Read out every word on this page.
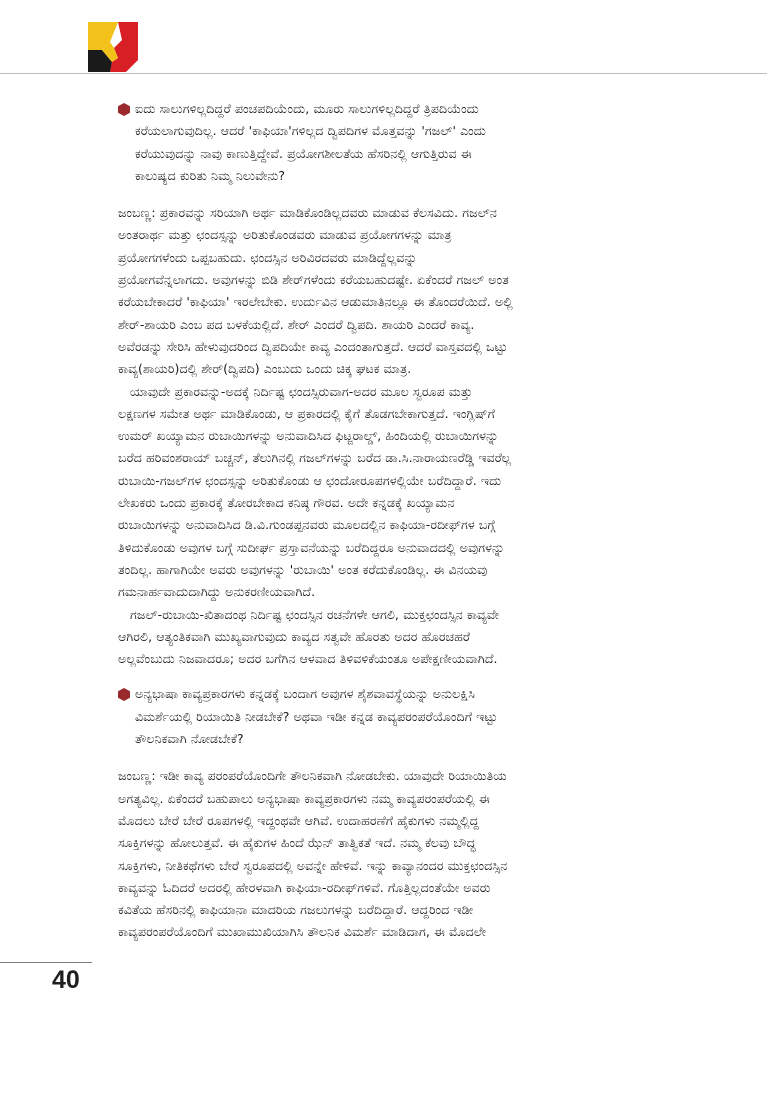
ಐದು ಸಾಲುಗಳಿಲ್ಲದಿದ್ದರೆ ಪಂಚಪದಿಯೆಂದು, ಮೂರು ಸಾಲುಗಳಿಲ್ಲದಿದ್ದರೆ ತ್ರಿಪದಿಯೆಂದು
ಕರೆಯಲಾಗುವುದಿಲ್ಲ. ಆದರೆ 'ಕಾಫಿಯಾ'ಗಳಿಲ್ಲದ ದ್ವಿಪದಿಗಳ ಮೊತ್ತವನ್ನು 'ಗಜಲ್' ಎಂದು
ಕರೆಯುವುದನ್ನು ನಾವು ಕಾಣುತ್ತಿದ್ದೇವೆ. ಪ್ರಯೋಗಶೀಲತೆಯ ಹೆಸರಿನಲ್ಲಿ ಆಗುತ್ತಿರುವ ಈ
ಕಾಲುಷ್ಯದ ಕುರಿತು ನಿಮ್ಮ ನಿಲುವೇನು?
ಜಂಬಣ್ಣ: ಪ್ರಕಾರವನ್ನು ಸರಿಯಾಗಿ ಅರ್ಥ ಮಾಡಿಕೊಂಡಿಲ್ಲದವರು ಮಾಡುವ ಕೆಲಸವಿದು. ಗಜಲ್‌ನ
ಅಂತರಾರ್ಥ ಮತ್ತು ಛಂದಸ್ಸನ್ನು ಅರಿತುಕೊಂಡವರು ಮಾಡುವ ಪ್ರಯೋಗಗಳನ್ನು ಮಾತ್ರ
ಪ್ರಯೋಗಗಳೆಂದು ಒಪ್ಪಬಹುದು. ಛಂದಸ್ಸಿನ ಅರಿವಿರದವರು ಮಾಡಿದ್ದೆಲ್ಲವನ್ನು
ಪ್ರಯೋಗವೆನ್ನಲಾಗದು. ಅವುಗಳನ್ನು ಬಿಡಿ ಶೇರ್‌ಗಳೆಂದು ಕರೆಯಬಹುದಷ್ಟೇ. ಏಕೆಂದರೆ ಗಜಲ್ ಅಂತ
ಕರೆಯಬೇಕಾದರೆ 'ಕಾಫಿಯಾ' ಇರಲೇಬೇಕು. ಉರ್ದುವಿನ ಆಡುಮಾತಿನಲ್ಲೂ ಈ ತೊಂದರೆಯಿದೆ. ಅಲ್ಲಿ
ಶೇರ್-ಶಾಯರಿ ಎಂಬ ಪದ ಬಳಕೆಯಲ್ಲಿದೆ. ಶೇರ್ ಎಂದರೆ ದ್ವಿಪದಿ. ಶಾಯರಿ ಎಂದರೆ ಕಾವ್ಯ.
ಅವೆರಡನ್ನು ಸೇರಿಸಿ ಹೇಳುವುದರಿಂದ ದ್ವಿಪದಿಯೇ ಕಾವ್ಯ ಎಂದಂತಾಗುತ್ತದೆ. ಆದರೆ ವಾಸ್ತವದಲ್ಲಿ ಒಟ್ಟು
ಕಾವ್ಯ(ಶಾಯರಿ)ದಲ್ಲಿ ಶೇರ್(ದ್ವಿಪದಿ) ಎಂಬುದು ಒಂದು ಚಿಕ್ಕ ಘಟಕ ಮಾತ್ರ.
ಯಾವುದೇ ಪ್ರಕಾರವನ್ನು-ಅದಕ್ಕೆ ನಿರ್ದಿಷ್ಟ ಛಂದಸ್ಸಿರುವಾಗ-ಅದರ ಮೂಲ ಸ್ವರೂಪ ಮತ್ತು
ಲಕ್ಷಣಗಳ ಸಮೇತ ಅರ್ಥ ಮಾಡಿಕೊಂಡು, ಆ ಪ್ರಕಾರದಲ್ಲಿ ಕೈಗೆ ತೊಡಗಬೇಕಾಗುತ್ತದೆ. ಇಂಗ್ಲಿಷ್‌ಗೆ
ಉಮರ್ ಖಯ್ಯಾಮನ ರುಬಾಯಿಗಳನ್ನು ಅನುವಾದಿಸಿದ ಫಿಟ್ಜರಾಲ್ಡ್, ಹಿಂದಿಯಲ್ಲಿ ರುಬಾಯಿಗಳನ್ನು
ಬರೆದ ಹರಿವಂಶರಾಯ್ ಬಚ್ಚನ್, ತೆಲುಗಿನಲ್ಲಿ ಗಜಲ್‌ಗಳನ್ನು ಬರೆದ ಡಾ.ಸಿ.ನಾರಾಯಣರೆಡ್ಡಿ ಇವರೆಲ್ಲ
ರುಬಾಯಿ-ಗಜಲ್‌ಗಳ ಛಂದಸ್ಸನ್ನು ಅರಿತುಕೊಂಡು ಆ ಛಂದೋರೂಪಗಳಲ್ಲಿಯೇ ಬರೆದಿದ್ದಾರೆ. ಇದು
ಲೇಖಕರು ಒಂದು ಪ್ರಕಾರಕ್ಕೆ ತೋರಬೇಕಾದ ಕನಿಷ್ಠ ಗೌರವ. ಅದೇ ಕನ್ನಡಕ್ಕೆ ಖಯ್ಯಾಮನ
ರುಬಾಯಿಗಳನ್ನು ಅನುವಾದಿಸಿದ ಡಿ.ವಿ.ಗುಂಡಪ್ಪನವರು ಮೂಲದಲ್ಲಿನ ಕಾಫಿಯಾ-ರದೀಫ್‌ಗಳ ಬಗ್ಗೆ
ತಿಳಿದುಕೊಂಡು ಅವುಗಳ ಬಗ್ಗೆ ಸುದೀರ್ಘ ಪ್ರಸ್ತಾವನೆಯನ್ನು ಬರೆದಿದ್ದರೂ ಅನುವಾದದಲ್ಲಿ ಅವುಗಳನ್ನು
ತಂದಿಲ್ಲ. ಹಾಗಾಗಿಯೇ ಅವರು ಅವುಗಳನ್ನು 'ರುಬಾಯಿ' ಅಂತ ಕರೆದುಕೊಂಡಿಲ್ಲ. ಈ ವಿನಯವು
ಗಮನಾರ್ಹವಾದುದಾಗಿದ್ದು ಅನುಕರಣೀಯವಾಗಿದೆ.
ಗಜಲ್-ರುಬಾಯಿ-ಖಿತಾದಂಥ ನಿರ್ದಿಷ್ಟ ಛಂದಸ್ಸಿನ ರಚನೆಗಳೇ ಆಗಲಿ, ಮುಕ್ತಛಂದಸ್ಸಿನ ಕಾವ್ಯವೇ
ಆಗಿರಲಿ, ಆತ್ಯಂತಿಕವಾಗಿ ಮುಖ್ಯವಾಗುವುದು ಕಾವ್ಯದ ಸತ್ವವೇ ಹೊರತು ಅದರ ಹೊರಚಹರೆ
ಅಲ್ಲವೆಂಬುದು ನಿಜವಾದರೂ; ಅದರ ಬಗೆಗಿನ ಆಳವಾದ ತಿಳಿವಳಿಕೆಯಂತೂ ಅಪೇಕ್ಷಣೀಯವಾಗಿದೆ.
ಅನ್ಯಭಾಷಾ ಕಾವ್ಯಪ್ರಕಾರಗಳು ಕನ್ನಡಕ್ಕೆ ಬಂದಾಗ ಅವುಗಳ ಶೈಶವಾವಸ್ಥೆಯನ್ನು ಅನುಲಕ್ಷಿಸಿ
ವಿಮರ್ಶೆಯಲ್ಲಿ ರಿಯಾಯಿತಿ ನೀಡಬೇಕೆ? ಅಥವಾ ಇಡೀ ಕನ್ನಡ ಕಾವ್ಯಪರಂಪರೆಯೊಂದಿಗೆ ಇಟ್ಟು
ತೌಲನಿಕವಾಗಿ ನೋಡಬೇಕೆ?
ಜಂಬಣ್ಣ: ಇಡೀ ಕಾವ್ಯ ಪರಂಪರೆಯೊಂದಿಗೇ ತೌಲನಿಕವಾಗಿ ನೋಡಬೇಕು. ಯಾವುದೇ ರಿಯಾಯಿತಿಯ
ಅಗತ್ಯವಿಲ್ಲ. ಏಕೆಂದರೆ ಬಹುಪಾಲು ಅನ್ಯಭಾಷಾ ಕಾವ್ಯಪ್ರಕಾರಗಳು ನಮ್ಮ ಕಾವ್ಯಪರಂಪರೆಯಲ್ಲಿ ಈ
ಮೊದಲು ಬೇರೆ ಬೇರೆ ರೂಪಗಳಲ್ಲಿ ಇದ್ದಂಥವೇ ಆಗಿವೆ. ಉದಾಹರಣೆಗೆ ಹೈಕುಗಳು ನಮ್ಮಲ್ಲಿದ್ದ
ಸೂಕ್ತಿಗಳನ್ನು ಹೋಲುತ್ತವೆ. ಈ ಹೈಕುಗಳ ಹಿಂದೆ ಝೆನ್ ತಾತ್ವಿಕತೆ ಇದೆ. ನಮ್ಮ ಕೆಲವು ಬೌದ್ಧ
ಸೂಕ್ತಿಗಳು, ನೀತಿಕಥೆಗಳು ಬೇರೆ ಸ್ವರೂಪದಲ್ಲಿ ಅವನ್ನೇ ಹೇಳಿವೆ. ಇನ್ನು ಕಾವ್ಯಾನಂದರ ಮುಕ್ತಛಂದಸ್ಸಿನ
ಕಾವ್ಯವನ್ನು ಓದಿದರೆ ಅದರಲ್ಲಿ ಹೇರಳವಾಗಿ ಕಾಫಿಯಾ-ರದೀಫ್‌ಗಳಿವೆ. ಗೊತ್ತಿಲ್ಲದಂತೆಯೇ ಅವರು
ಕವಿತೆಯ ಹೆಸರಿನಲ್ಲಿ ಕಾಫಿಯಾನಾ ಮಾದರಿಯ ಗಜಲುಗಳನ್ನು ಬರೆದಿದ್ದಾರೆ. ಆದ್ದರಿಂದ ಇಡೀ
ಕಾವ್ಯಪರಂಪರೆಯೊಂದಿಗೆ ಮುಖಾಮುಖಿಯಾಗಿಸಿ ತೌಲನಿಕ ವಿಮರ್ಶೆ ಮಾಡಿದಾಗ, ಈ ಮೊದಲೇ
40
